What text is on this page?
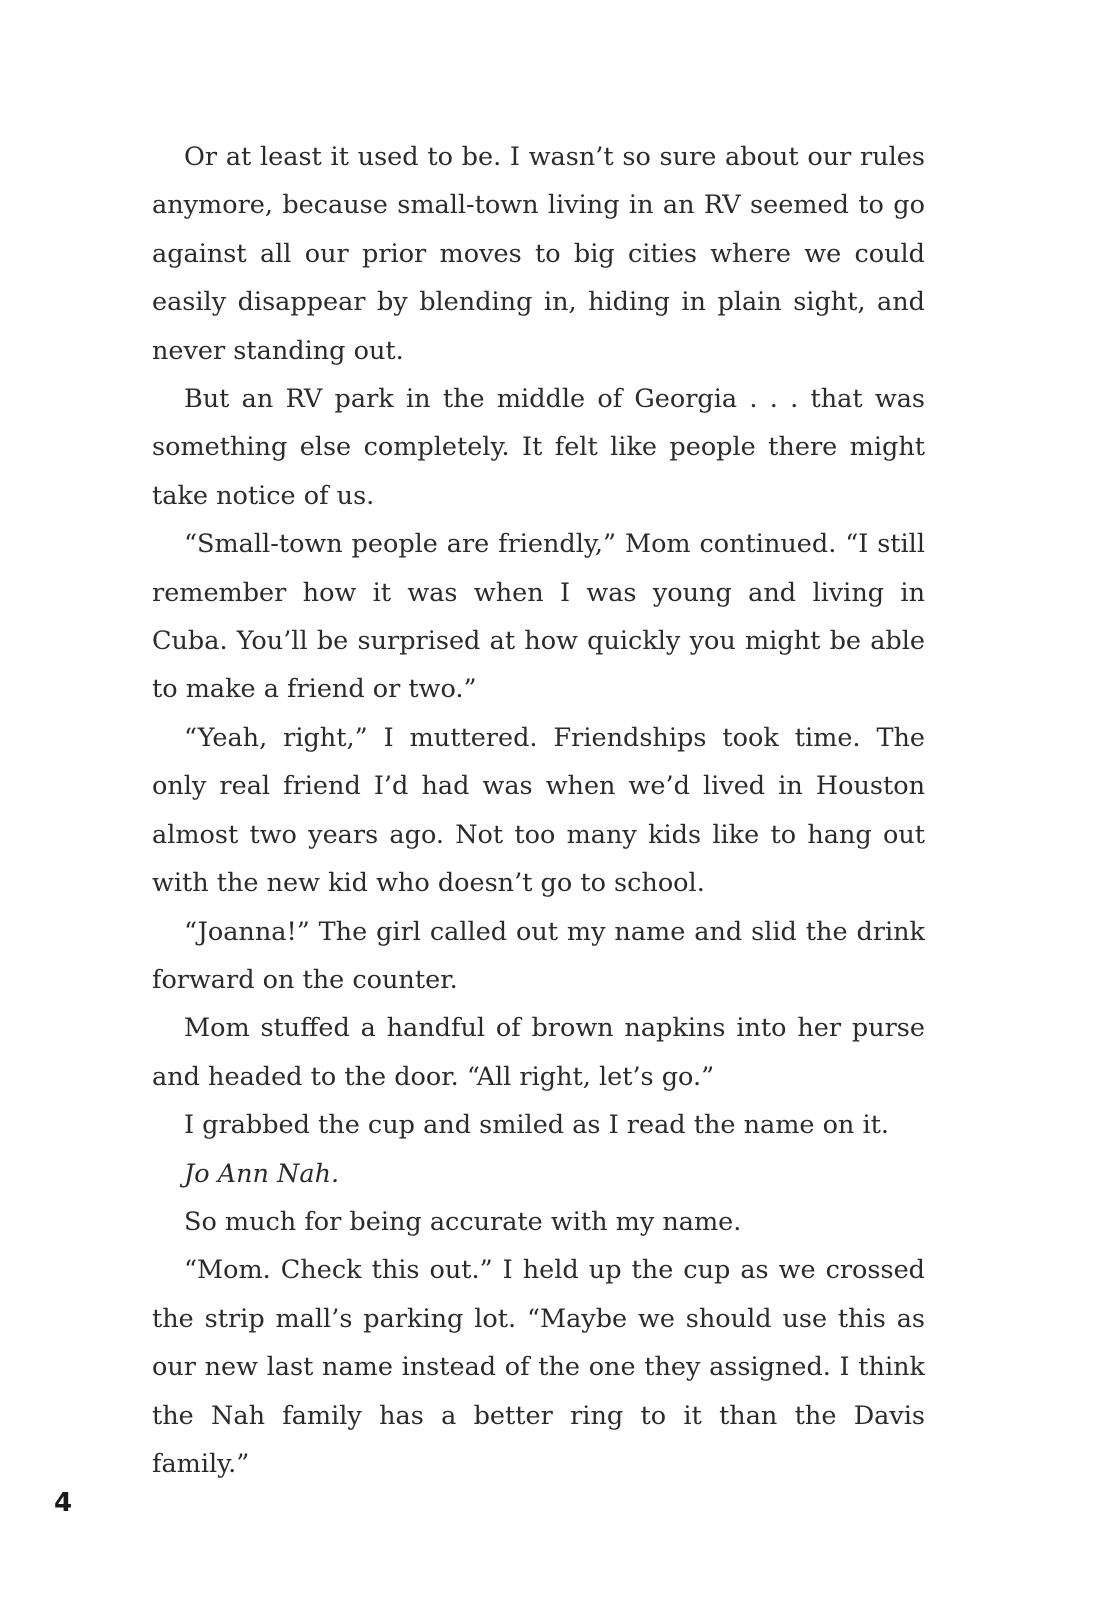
Or at least it used to be. I wasn’t so sure about our rules anymore, because small-town living in an RV seemed to go against all our prior moves to big cities where we could easily disappear by blending in, hiding in plain sight, and never standing out.

But an RV park in the middle of Georgia . . . that was something else completely. It felt like people there might take notice of us.

“Small-town people are friendly,” Mom continued. “I still remember how it was when I was young and living in Cuba. You’ll be surprised at how quickly you might be able to make a friend or two.”

“Yeah, right,” I muttered. Friendships took time. The only real friend I’d had was when we’d lived in Houston almost two years ago. Not too many kids like to hang out with the new kid who doesn’t go to school.

“Joanna!” The girl called out my name and slid the drink forward on the counter.

Mom stuffed a handful of brown napkins into her purse and headed to the door. “All right, let’s go.”

I grabbed the cup and smiled as I read the name on it.

Jo Ann Nah.

So much for being accurate with my name.

“Mom. Check this out.” I held up the cup as we crossed the strip mall’s parking lot. “Maybe we should use this as our new last name instead of the one they assigned. I think the Nah family has a better ring to it than the Davis family.”

4
